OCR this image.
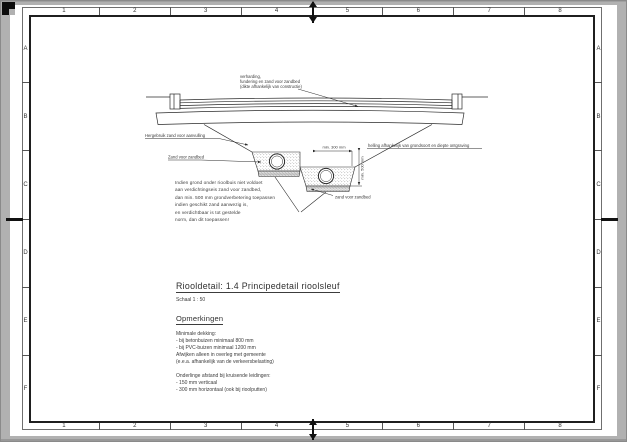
1	2	3	4	5	6	7	8
1	2	3	4	5	6	7	8
A
B
C
D
E
F
A
B
C
D
E
F
min. 300 mm
min. 500 mm
verharding,
fundering en zand voor zandbed
(dikte afhankelijk van constructie)
Hergebruik zand voor aanvulling
Zand voor zandbed
helling afhankelijk van grondsoort en diepte ontgraving
zand voor zandbed
Indien grond onder rioolbuis niet voldoet
aan verdichtingseis zand voor zandbed,
dan min. 500 mm grondverbetering toepassen
indien geschikt zand aanwezig is,
en verdichtbaar is tot gestelde
norm, dan dit toepassen!
Riooldetail: 1.4 Principedetail rioolsleuf
Schaal 1 : 50
Opmerkingen
Minimale dekking:
- bij betonbuizen minimaal 800 mm
- bij PVC-buizen minimaal 1200 mm
Afwijken alleen in overleg met gemeente
(e.e.a. afhankelijk van de verkeersbelasting)
Onderlinge afstand bij kruisende leidingen:
- 150 mm verticaal
- 300 mm horizontaal (ook bij rioolputten)
